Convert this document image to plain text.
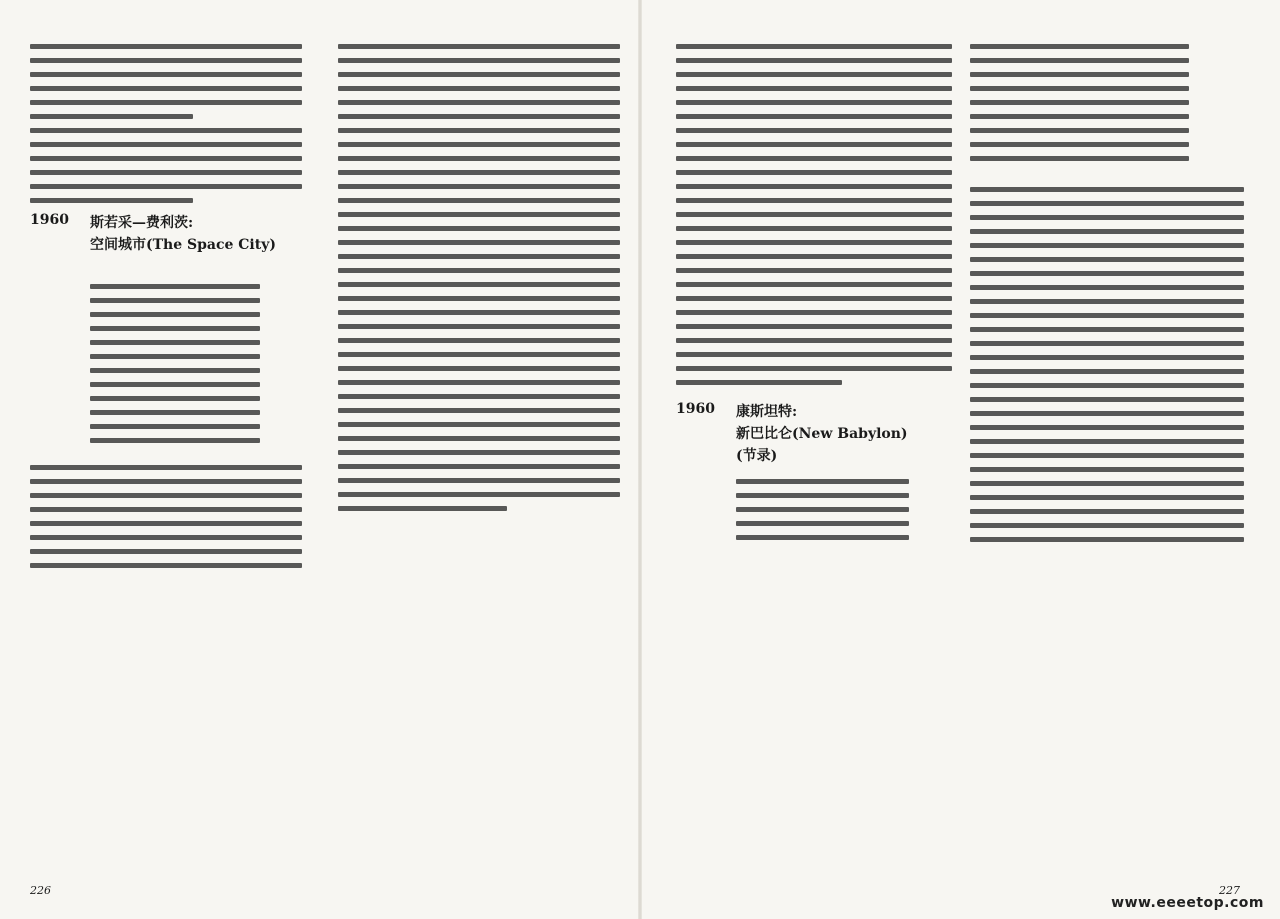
1960 斯若采—费利茨:
空间城市(The Space City)
226
1960 康斯坦特:
新巴比仑(New Babylon)
(节录)
227
www.eeeetop.com
